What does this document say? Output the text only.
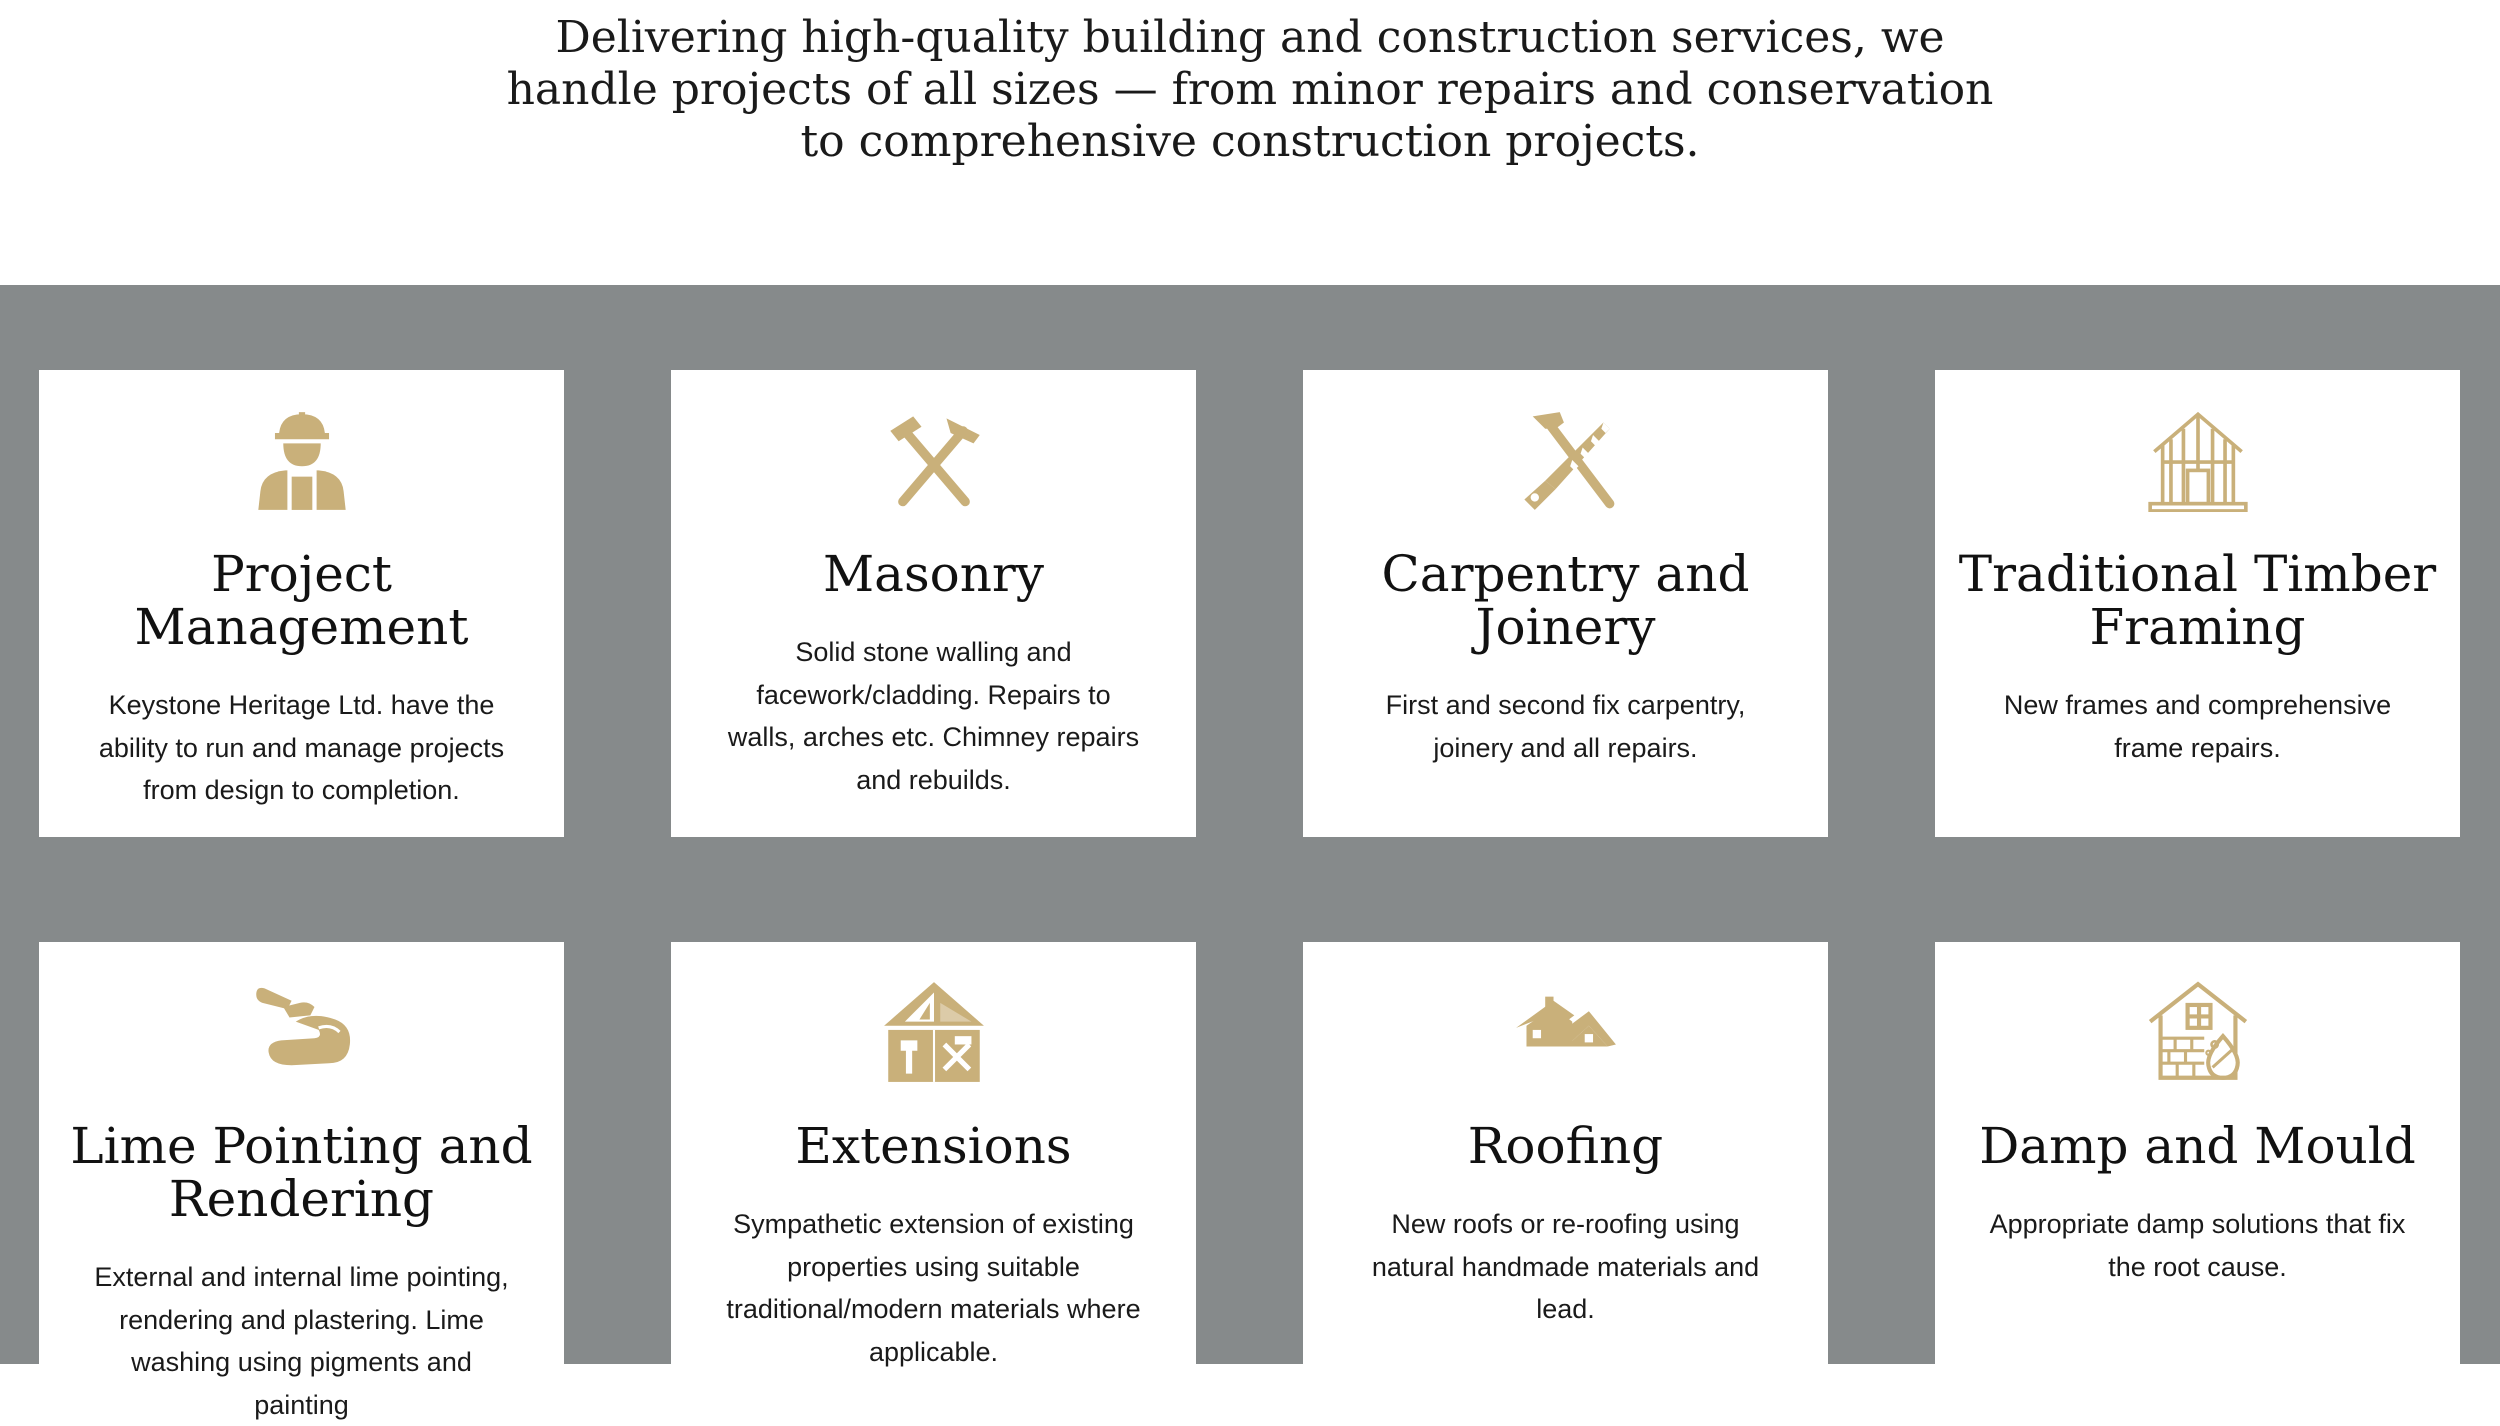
Delivering high-quality building and construction services, we handle projects of all sizes — from minor repairs and conservation to comprehensive construction projects.

Project Management

Keystone Heritage Ltd. have the ability to run and manage projects from design to completion.

Masonry

Solid stone walling and facework/cladding. Repairs to walls, arches etc. Chimney repairs and rebuilds.

Carpentry and Joinery

First and second fix carpentry, joinery and all repairs.

Traditional Timber Framing

New frames and comprehensive frame repairs.

Lime Pointing and Rendering

External and internal lime pointing, rendering and plastering. Lime washing using pigments and painting

Extensions

Sympathetic extension of existing properties using suitable traditional/modern materials where applicable.

Roofing

New roofs or re-roofing using natural handmade materials and lead.

Damp and Mould

Appropriate damp solutions that fix the root cause.
